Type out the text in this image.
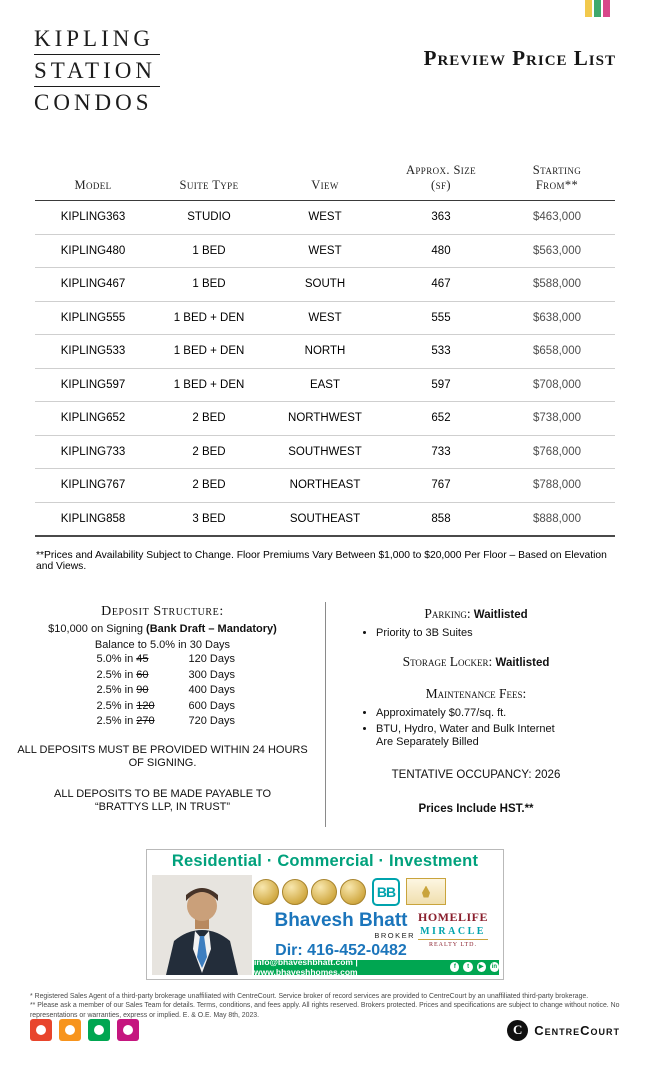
KIPLING
STATION
CONDOS
Preview Price List
Model	Suite Type	View	Approx. Size (sf)	Starting From**
KIPLING363	STUDIO	WEST	363	$463,000
KIPLING480	1 BED	WEST	480	$563,000
KIPLING467	1 BED	SOUTH	467	$588,000
KIPLING555	1 BED + DEN	WEST	555	$638,000
KIPLING533	1 BED + DEN	NORTH	533	$658,000
KIPLING597	1 BED + DEN	EAST	597	$708,000
KIPLING652	2 BED	NORTHWEST	652	$738,000
KIPLING733	2 BED	SOUTHWEST	733	$768,000
KIPLING767	2 BED	NORTHEAST	767	$788,000
KIPLING858	3 BED	SOUTHEAST	858	$888,000
**Prices and Availability Subject to Change. Floor Premiums Vary Between $1,000 to $20,000 Per Floor – Based on Elevation and Views.
Deposit Structure:
$10,000 on Signing (Bank Draft – Mandatory)
Balance to 5.0% in 30 Days
5.0% in 45	120 Days
2.5% in 60	300 Days
2.5% in 90	400 Days
2.5% in 120	600 Days
2.5% in 270	720 Days
ALL DEPOSITS MUST BE PROVIDED WITHIN 24 HOURS OF SIGNING.
ALL DEPOSITS TO BE MADE PAYABLE TO “BRATTYS LLP, IN TRUST”
Parking: Waitlisted
• Priority to 3B Suites
Storage Locker: Waitlisted
Maintenance Fees:
• Approximately $0.77/sq. ft.
• BTU, Hydro, Water and Bulk Internet Are Separately Billed
TENTATIVE OCCUPANCY: 2026
Prices Include HST.**
Residential · Commercial · Investment
BB
Bhavesh Bhatt
BROKER
Dir: 416-452-0482
HOMELIFE
MIRACLE
REALTY LTD.
info@bhaveshbhatt.com | www.bhaveshhomes.com	f	t	▶	in

* Registered Sales Agent of a third-party brokerage unaffiliated with CentreCourt. Service broker of record services are provided to CentreCourt by an unaffiliated third-party brokerage.

** Please ask a member of our Sales Team for details. Terms, conditions, and fees apply. All rights reserved. Brokers protected. Prices and specifications are subject to change without notice. No representations or warranties, express or implied. E. & O.E. May 8th, 2023.

C CentreCourt
